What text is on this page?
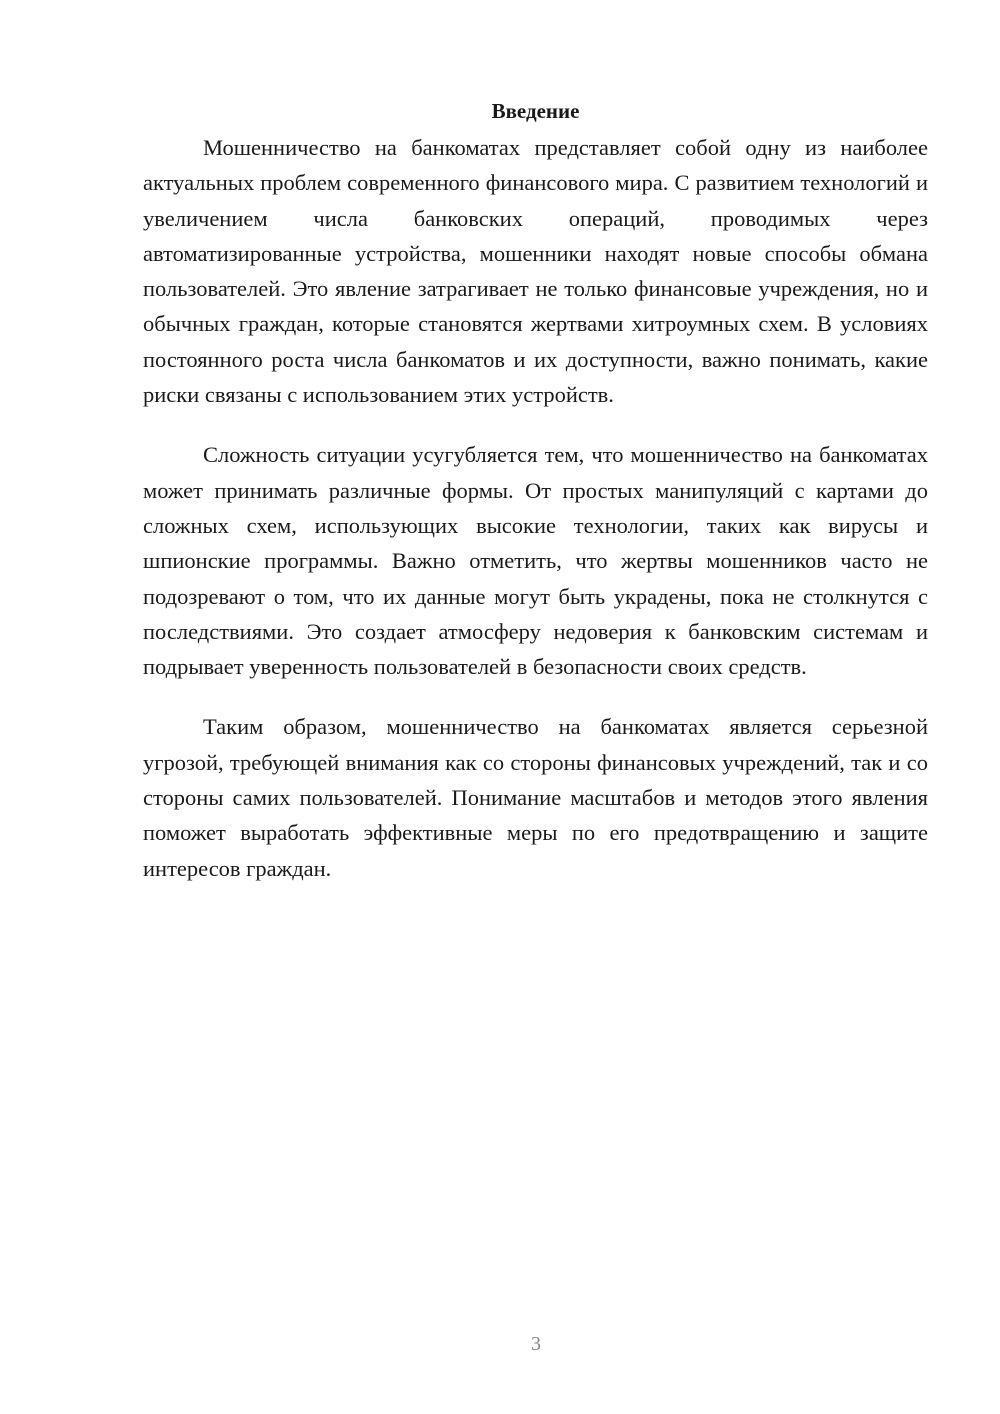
Введение

Мошенничество на банкоматах представляет собой одну из наиболее актуальных проблем современного финансового мира. С развитием технологий и увеличением числа банковских операций, проводимых через автоматизированные устройства, мошенники находят новые способы обмана пользователей. Это явление затрагивает не только финансовые учреждения, но и обычных граждан, которые становятся жертвами хитроумных схем. В условиях постоянного роста числа банкоматов и их доступности, важно понимать, какие риски связаны с использованием этих устройств.

Сложность ситуации усугубляется тем, что мошенничество на банкоматах может принимать различные формы. От простых манипуляций с картами до сложных схем, использующих высокие технологии, таких как вирусы и шпионские программы. Важно отметить, что жертвы мошенников часто не подозревают о том, что их данные могут быть украдены, пока не столкнутся с последствиями. Это создает атмосферу недоверия к банковским системам и подрывает уверенность пользователей в безопасности своих средств.

Таким образом, мошенничество на банкоматах является серьезной угрозой, требующей внимания как со стороны финансовых учреждений, так и со стороны самих пользователей. Понимание масштабов и методов этого явления поможет выработать эффективные меры по его предотвращению и защите интересов граждан.

3
